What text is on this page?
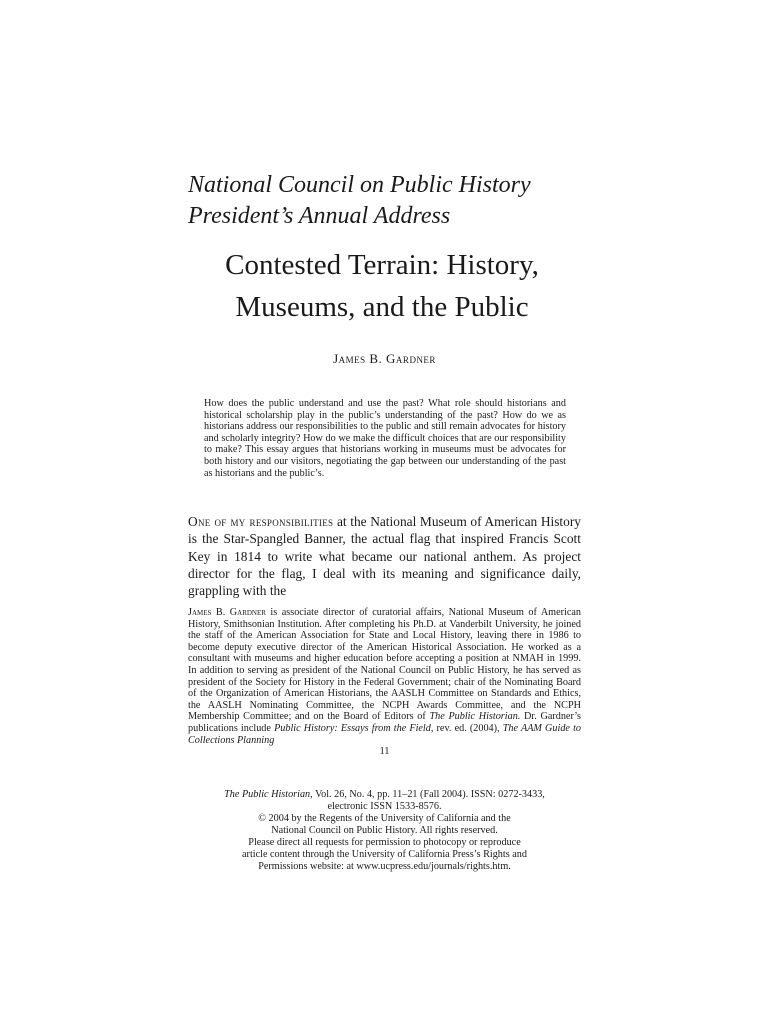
National Council on Public History
President’s Annual Address
Contested Terrain: History,
Museums, and the Public
James B. Gardner
How does the public understand and use the past? What role should historians and historical scholarship play in the public’s understanding of the past? How do we as historians address our responsibilities to the public and still remain advocates for history and scholarly integrity? How do we make the difficult choices that are our responsibility to make? This essay argues that historians working in museums must be advocates for both history and our visitors, negotiating the gap between our understanding of the past as historians and the public’s.
One of my responsibilities at the National Museum of American History is the Star-Spangled Banner, the actual flag that inspired Francis Scott Key in 1814 to write what became our national anthem. As project director for the flag, I deal with its meaning and significance daily, grappling with the
James B. Gardner is associate director of curatorial affairs, National Museum of American History, Smithsonian Institution. After completing his Ph.D. at Vanderbilt University, he joined the staff of the American Association for State and Local History, leaving there in 1986 to become deputy executive director of the American Historical Association. He worked as a consultant with museums and higher education before accepting a position at NMAH in 1999. In addition to serving as president of the National Council on Public History, he has served as president of the Society for History in the Federal Government; chair of the Nominating Board of the Organization of American Historians, the AASLH Committee on Standards and Ethics, the AASLH Nominating Committee, the NCPH Awards Committee, and the NCPH Membership Committee; and on the Board of Editors of The Public Historian. Dr. Gardner’s publications include Public History: Essays from the Field, rev. ed. (2004), The AAM Guide to Collections Planning
11
The Public Historian, Vol. 26, No. 4, pp. 11–21 (Fall 2004). ISSN: 0272-3433,
electronic ISSN 1533-8576.
© 2004 by the Regents of the University of California and the
National Council on Public History. All rights reserved.
Please direct all requests for permission to photocopy or reproduce
article content through the University of California Press’s Rights and
Permissions website: at www.ucpress.edu/journals/rights.htm.
